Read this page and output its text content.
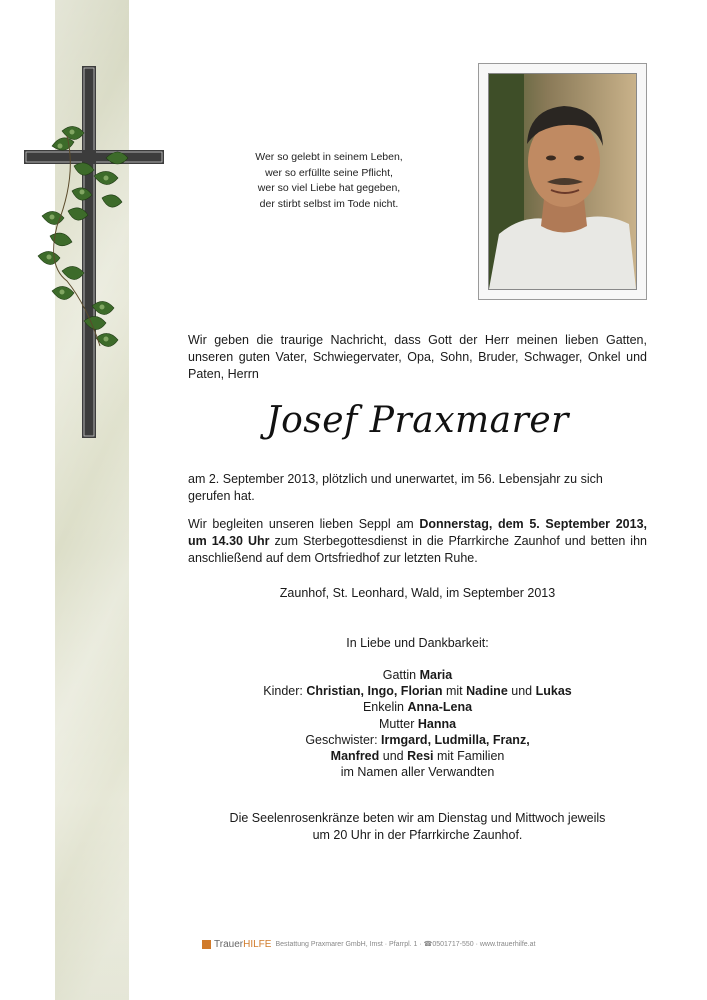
Wer so gelebt in seinem Leben,
wer so erfüllte seine Pflicht,
wer so viel Liebe hat gegeben,
der stirbt selbst im Tode nicht.

Wir geben die traurige Nachricht, dass Gott der Herr meinen lieben Gatten, unseren guten Vater, Schwiegervater, Opa, Sohn, Bruder, Schwager, Onkel und Paten, Herrn

Josef Praxmarer

am 2. September 2013, plötzlich und unerwartet, im 56. Lebensjahr zu sich gerufen hat.

Wir begleiten unseren lieben Seppl am Donnerstag, dem 5. September 2013, um 14.30 Uhr zum Sterbegottesdienst in die Pfarrkirche Zaunhof und betten ihn anschließend auf dem Ortsfriedhof zur letzten Ruhe.

Zaunhof, St. Leonhard, Wald, im September 2013
In Liebe und Dankbarkeit:
Gattin Maria
Kinder: Christian, Ingo, Florian mit Nadine und Lukas
Enkelin Anna-Lena
Mutter Hanna
Geschwister: Irmgard, Ludmilla, Franz,
Manfred und Resi mit Familien
im Namen aller Verwandten
Die Seelenrosenkränze beten wir am Dienstag und Mittwoch jeweils
um 20 Uhr in der Pfarrkirche Zaunhof.
Trauer HILFE Bestattung Praxmarer GmbH, Imst · Pfarrpl. 1 · ☎0501717-550 · www.trauerhilfe.at
